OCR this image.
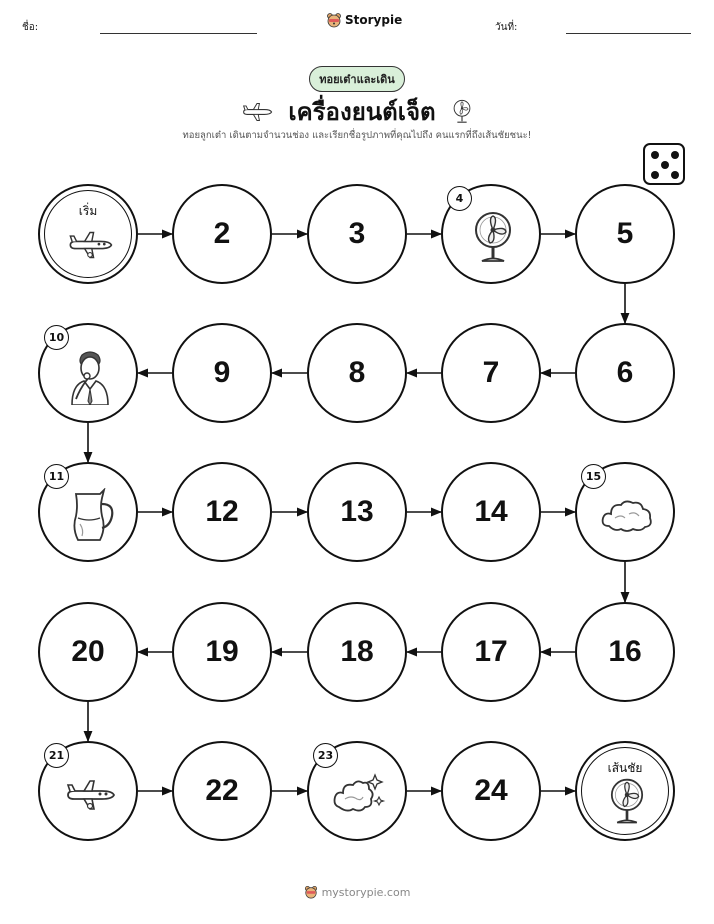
ชื่อ:
Storypie
วันที่:
ทอยเต๋าและเดิน
เครื่องยนต์เจ็ต
ทอยลูกเต๋า เดินตามจำนวนช่อง และเรียกชื่อรูปภาพที่คุณไปถึง คนแรกที่ถึงเส้นชัยชนะ!
เริ่ม
2	3
4
5
6
7
8
9
10
11
12	13	14
15
16
17
18
19
20
21
22
23
24
เส้นชัย
mystorypie.com
